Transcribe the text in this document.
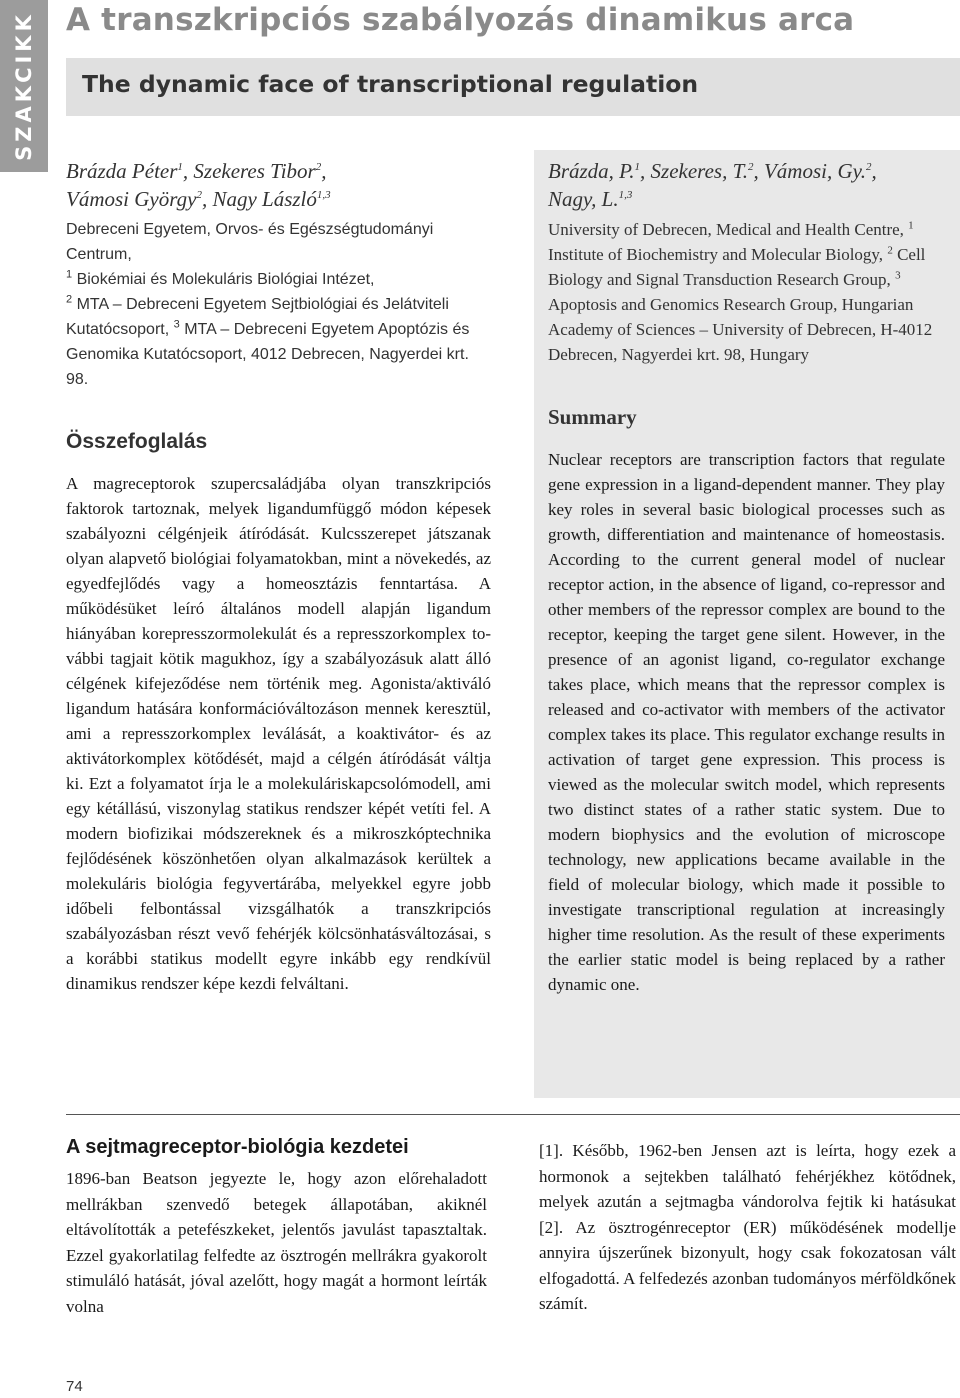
SZAKCIKK A transzkripciós szabályozás dinamikus arca
The dynamic face of transcriptional regulation
Brázda Péter$^1$, Szekeres Tibor$^2$,
Vámosi György$^2$, Nagy László$^{1,3}$

Debreceni Egyetem, Orvos- és Egészségtudományi Centrum,
$^1$ Biokémiai és Molekuláris Biológiai Intézet,
$^2$ MTA – Debreceni Egyetem Sejtbiológiai és Jelátviteli Kutatócsoport, $^3$ MTA – Debreceni Egyetem Apoptózis és Genomika Kutatócsoport, 4012 Debrecen, Nagyerdei krt. 98.

Összefoglalás

A magreceptorok szupercsaládjába olyan transzkripciós faktorok tartoznak, melyek ligandumfüggő módon képesek szabályozni célgénjeik átíródását. Kulcsszerepet játszanak olyan alapvető biológiai folyamatokban, mint a növekedés, az egyedfejlődés vagy a homeosztázis fenntartása. A működésüket leíró általános modell alapján ligandum hiányában korepresszormolekulát és a represszorkomplex további tagjait kötik magukhoz, így a szabályozásuk alatt álló célgének kifejeződése nem történik meg. Agonista/aktiváló ligandum hatására konformációváltozáson mennek keresztül, ami a represszorkomplex leválását, a koaktivátor- és az aktivátorkomplex kötődését, majd a célgén átíródását váltja ki. Ezt a folyamatot írja le a molekuláriskapcsolómodell, ami egy kétállású, viszonylag statikus rendszer képét vetíti fel. A modern biofizikai módszereknek és a mikroszkóptechnika fejlődésének köszönhetően olyan alkalmazások kerültek a molekuláris biológia fegyvertárába, melyekkel egyre jobb időbeli felbontással vizsgálhatók a transzkripciós szabályozásban részt vevő fehérjék kölcsönhatásváltozásai, s a korábbi statikus modellt egyre inkább egy rendkívül dinamikus rendszer képe kezdi felváltani.

Brázda, P.$^1$, Szekeres, T.$^2$, Vámosi, Gy.$^2$,
Nagy, L.$^{1,3}$

University of Debrecen, Medical and Health Centre, $^1$ Institute of Biochemistry and Molecular Biology, $^2$ Cell Biology and Signal Transduction Research Group, $^3$ Apoptosis and Genomics Research Group, Hungarian Academy of Sciences – University of Debrecen, H-4012 Debrecen, Nagyerdei krt. 98, Hungary

Summary

Nuclear receptors are transcription factors that regulate gene expression in a ligand-dependent manner. They play key roles in several basic biological processes such as growth, differentiation and maintenance of homeostasis. According to the current general model of nuclear receptor action, in the absence of ligand, co-repressor and other members of the repressor complex are bound to the receptor, keeping the target gene silent. However, in the presence of an agonist ligand, co-regulator exchange takes place, which means that the repressor complex is released and co-activator with members of the activator complex takes its place. This regulator exchange results in activation of target gene expression. This process is viewed as the molecular switch model, which represents two distinct states of a rather static system. Due to modern biophysics and the evolution of microscope technology, new applications became available in the field of molecular biology, which made it possible to investigate transcriptional regulation at increasingly higher time resolution. As the result of these experiments the earlier static model is being replaced by a rather dynamic one.

A sejtmagreceptor-biológia kezdetei

1896-ban Beatson jegyezte le, hogy azon előrehaladott mellrákban szenvedő betegek állapotában, akiknél eltávolították a petefészkeket, jelentős javulást tapasztaltak. Ezzel gyakorlatilag felfedte az ösztrogén mellrákra gyakorolt stimuláló hatását, jóval azelőtt, hogy magát a hormont leírták volna

[1]. Később, 1962-ben Jensen azt is leírta, hogy ezek a hormonok a sejtekben található fehérjékhez kötődnek, melyek azután a sejtmagba vándorolva fejtik ki hatásukat [2]. Az ösztrogénreceptor (ER) működésének modellje annyira újszerűnek bizonyult, hogy csak fokozatosan vált elfogadottá. A felfedezés azonban tudományos mérföldkőnek számít.

74
